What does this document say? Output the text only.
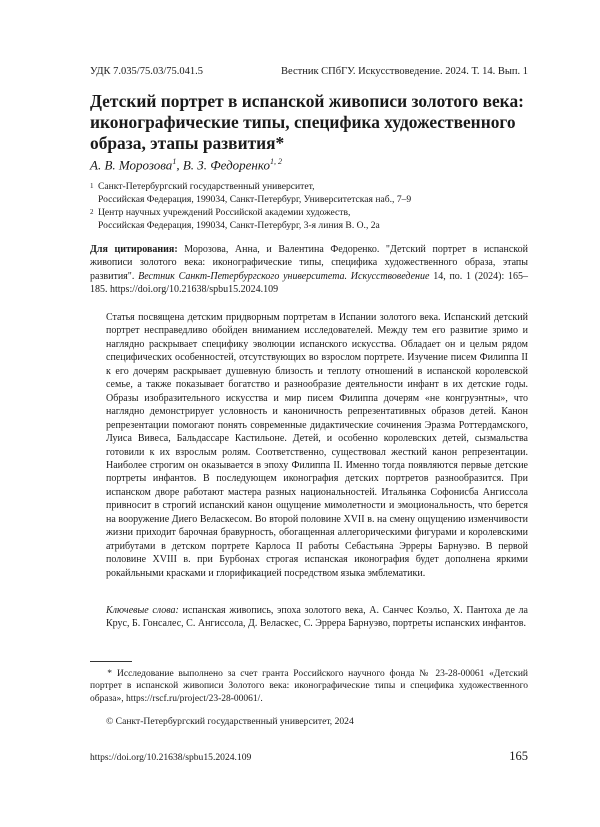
УДК 7.035/75.03/75.041.5	Вестник СПбГУ. Искусствоведение. 2024. Т. 14. Вып. 1
Детский портрет в испанской живописи золотого века: иконографические типы, специфика художественного образа, этапы развития*
А. В. Морозова$^1$, В. З. Федоренко$^{1, 2}$
1 Санкт-Петербургский государственный университет,
Российская Федерация, 199034, Санкт-Петербург, Университетская наб., 7–9
2 Центр научных учреждений Российской академии художеств,
Российская Федерация, 199034, Санкт-Петербург, 3-я линия В. О., 2а
Для цитирования: Морозова, Анна, и Валентина Федоренко. "Детский портрет в испанской живописи золотого века: иконографические типы, специфика художественного образа, этапы развития". Вестник Санкт-Петербургского университета. Искусствоведение 14, по. 1 (2024): 165–185. https://doi.org/10.21638/spbu15.2024.109
Статья посвящена детским придворным портретам в Испании золотого века. Испанский детский портрет несправедливо обойден вниманием исследователей. Между тем его развитие зримо и наглядно раскрывает специфику эволюции испанского искусства. Обладает он и целым рядом специфических особенностей, отсутствующих во взрослом портрете. Изучение писем Филиппа II к его дочерям раскрывает душевную близость и теплоту отношений в испанской королевской семье, а также показывает богатство и разнообразие деятельности инфант в их детские годы. Образы изобразительного искусства и мир писем Филиппа дочерям «не конгруэнтны», что наглядно демонстрирует условность и каноничность репрезентативных образов детей. Канон репрезентации помогают понять современные дидактические сочинения Эразма Роттердамского, Луиса Вивеса, Бальдассаре Кастильоне. Детей, и особенно королевских детей, сызмальства готовили к их взрослым ролям. Соответственно, существовал жесткий канон репрезентации. Наиболее строгим он оказывается в эпоху Филиппа II. Именно тогда появляются первые детские портреты инфантов. В последующем иконография детских портретов разнообразится. При испанском дворе работают мастера разных национальностей. Итальянка Софонисба Ангиссола привносит в строгий испанский канон ощущение мимолетности и эмоциональность, что берется на вооружение Диего Веласкесом. Во второй половине XVII в. на смену ощущению изменчивости жизни приходит барочная бравурность, обогащенная аллегорическими фигурами и королевскими атрибутами в детском портрете Карлоса II работы Себастьяна Эрреры Барнуэво. В первой половине XVIII в. при Бурбонах строгая испанская иконография будет дополнена яркими рокайльными красками и глорификацией посредством языка эмблематики.
Ключевые слова: испанская живопись, эпоха золотого века, А. Санчес Коэльо, Х. Пантоха де ла Крус, Б. Гонсалес, С. Ангиссола, Д. Веласкес, С. Эррера Барнуэво, портреты испанских инфантов.
* Исследование выполнено за счет гранта Российского научного фонда № 23-28-00061 «Детский портрет в испанской живописи Золотого века: иконографические типы и специфика художественного образа», https://rscf.ru/project/23-28-00061/.
© Санкт-Петербургский государственный университет, 2024
https://doi.org/10.21638/spbu15.2024.109	165
